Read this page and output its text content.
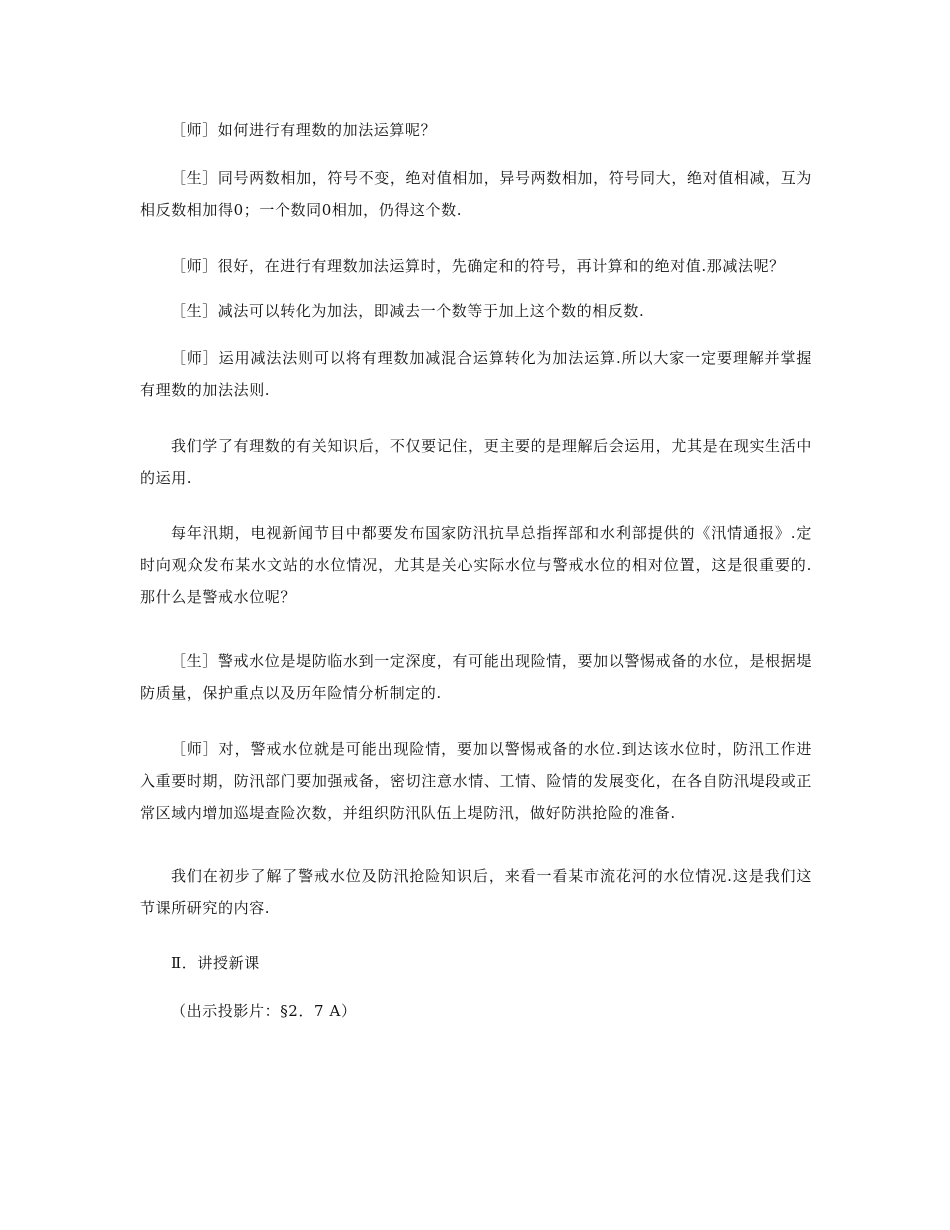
［师］如何进行有理数的加法运算呢？

［生］同号两数相加，符号不变，绝对值相加，异号两数相加，符号同大，绝对值相减，互为相反数相加得0；一个数同0相加，仍得这个数.

［师］很好，在进行有理数加法运算时，先确定和的符号，再计算和的绝对值.那减法呢？

［生］减法可以转化为加法，即减去一个数等于加上这个数的相反数.

［师］运用减法法则可以将有理数加减混合运算转化为加法运算.所以大家一定要理解并掌握有理数的加法法则.

我们学了有理数的有关知识后，不仅要记住，更主要的是理解后会运用，尤其是在现实生活中的运用.

每年汛期，电视新闻节目中都要发布国家防汛抗旱总指挥部和水利部提供的《汛情通报》.定时向观众发布某水文站的水位情况，尤其是关心实际水位与警戒水位的相对位置，这是很重要的.那什么是警戒水位呢？

［生］警戒水位是堤防临水到一定深度，有可能出现险情，要加以警惕戒备的水位，是根据堤防质量，保护重点以及历年险情分析制定的.

［师］对，警戒水位就是可能出现险情，要加以警惕戒备的水位.到达该水位时，防汛工作进入重要时期，防汛部门要加强戒备，密切注意水情、工情、险情的发展变化，在各自防汛堤段或正常区域内增加巡堤查险次数，并组织防汛队伍上堤防汛，做好防洪抢险的准备.

我们在初步了解了警戒水位及防汛抢险知识后，来看一看某市流花河的水位情况.这是我们这节课所研究的内容.

Ⅱ．讲授新课

（出示投影片：§2．7 A）
